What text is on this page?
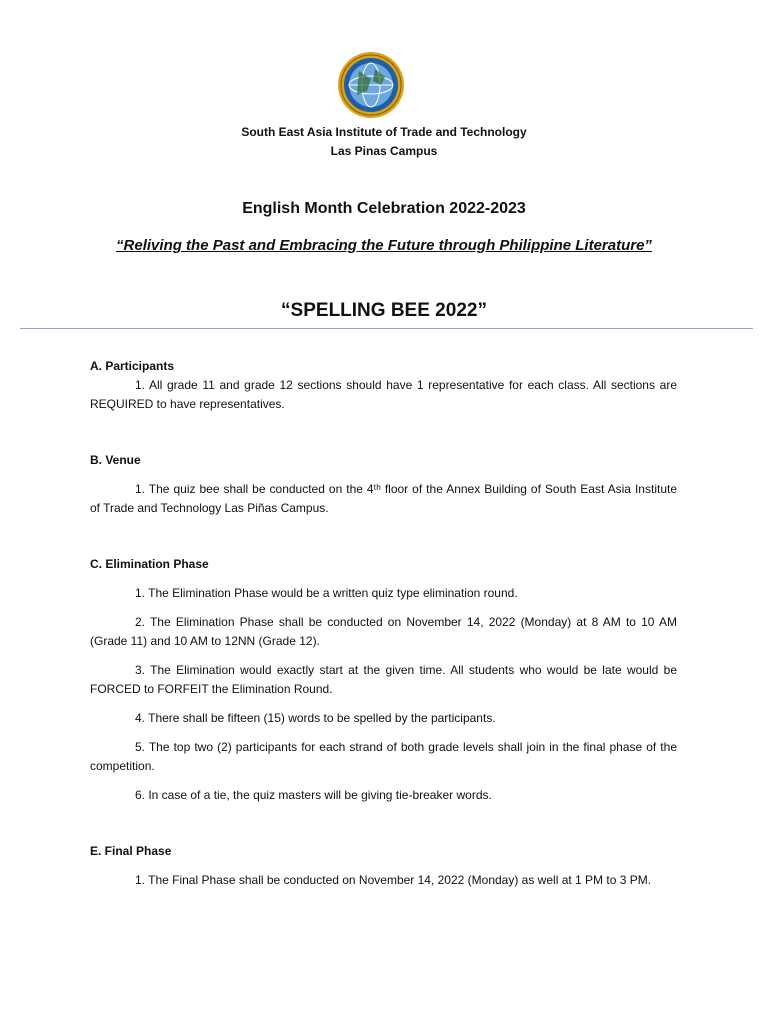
South East Asia Institute of Trade and Technology
Las Pinas Campus
English Month Celebration 2022-2023
“Reliving the Past and Embracing the Future through Philippine Literature”
“SPELLING BEE 2022”

A. Participants

1. All grade 11 and grade 12 sections should have 1 representative for each class. All sections are REQUIRED to have representatives.

B. Venue

1. The quiz bee shall be conducted on the 4ᵗʰ floor of the Annex Building of South East Asia Institute of Trade and Technology Las Piñas Campus.

C. Elimination Phase

1. The Elimination Phase would be a written quiz type elimination round.

2. The Elimination Phase shall be conducted on November 14, 2022 (Monday) at 8 AM to 10 AM (Grade 11) and 10 AM to 12NN (Grade 12).

3. The Elimination would exactly start at the given time. All students who would be late would be FORCED to FORFEIT the Elimination Round.

4. There shall be fifteen (15) words to be spelled by the participants.

5. The top two (2) participants for each strand of both grade levels shall join in the final phase of the competition.

6. In case of a tie, the quiz masters will be giving tie-breaker words.

E. Final Phase

1. The Final Phase shall be conducted on November 14, 2022 (Monday) as well at 1 PM to 3 PM.
